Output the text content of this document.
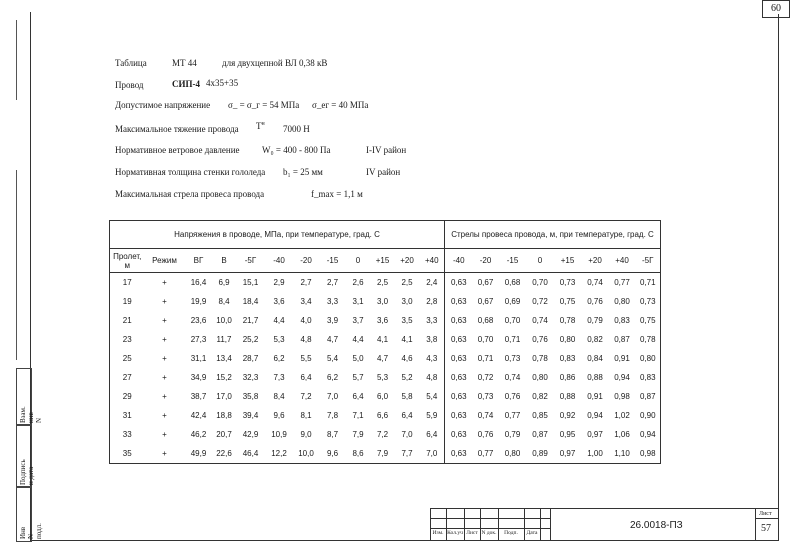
60
Взам. инв N
Подпись и дата
Инв N подл.
Таблица	МТ 44	для двухцепной ВЛ 0,38 кВ
Провод	СИП-4 4x35+35
Допустимое напряжение σ_ = σ_г = 54 МПа σ_ег = 40 МПа
Максимальное тяжение провода $Т^н$ 7000 Н
Нормативное ветровое давление W₀ = 400 - 800 Па	I-IV район
Нормативная толщина стенки гололеда b₁ = 25 мм	IV район
Максимальная стрела провеса провода	f_max = 1,1 м
Напряжения в проводе, МПа, при температуре, град. С												Стрелы провеса провода, м, при температуре, град. С							

Пролет,
м	Режим	ВГ	В	-5Г	-40	-20	-15	0	+15	+20	+40	-40	-20	-15	0	+15	+20	+40	-5Г
17	+	16,4	6,9	15,1	2,9	2,7	2,7	2,6	2,5	2,5	2,4	0,63	0,67	0,68	0,70	0,73	0,74	0,77	0,71
19	+	19,9	8,4	18,4	3,6	3,4	3,3	3,1	3,0	3,0	2,8	0,63	0,67	0,69	0,72	0,75	0,76	0,80	0,73
21	+	23,6	10,0	21,7	4,4	4,0	3,9	3,7	3,6	3,5	3,3	0,63	0,68	0,70	0,74	0,78	0,79	0,83	0,75
23	+	27,3	11,7	25,2	5,3	4,8	4,7	4,4	4,1	4,1	3,8	0,63	0,70	0,71	0,76	0,80	0,82	0,87	0,78
25	+	31,1	13,4	28,7	6,2	5,5	5,4	5,0	4,7	4,6	4,3	0,63	0,71	0,73	0,78	0,83	0,84	0,91	0,80
27	+	34,9	15,2	32,3	7,3	6,4	6,2	5,7	5,3	5,2	4,8	0,63	0,72	0,74	0,80	0,86	0,88	0,94	0,83
29	+	38,7	17,0	35,8	8,4	7,2	7,0	6,4	6,0	5,8	5,4	0,63	0,73	0,76	0,82	0,88	0,91	0,98	0,87
31	+	42,4	18,8	39,4	9,6	8,1	7,8	7,1	6,6	6,4	5,9	0,63	0,74	0,77	0,85	0,92	0,94	1,02	0,90
33	+	46,2	20,7	42,9	10,9	9,0	8,7	7,9	7,2	7,0	6,4	0,63	0,76	0,79	0,87	0,95	0,97	1,06	0,94
35	+	49,9	22,6	46,4	12,2	10,0	9,6	8,6	7,9	7,7	7,0	0,63	0,77	0,80	0,89	0,97	1,00	1,10	0,98
Изм. Кол.уч Лист N док. Подп. Дата
26.0018-ПЗ
Лист
57
